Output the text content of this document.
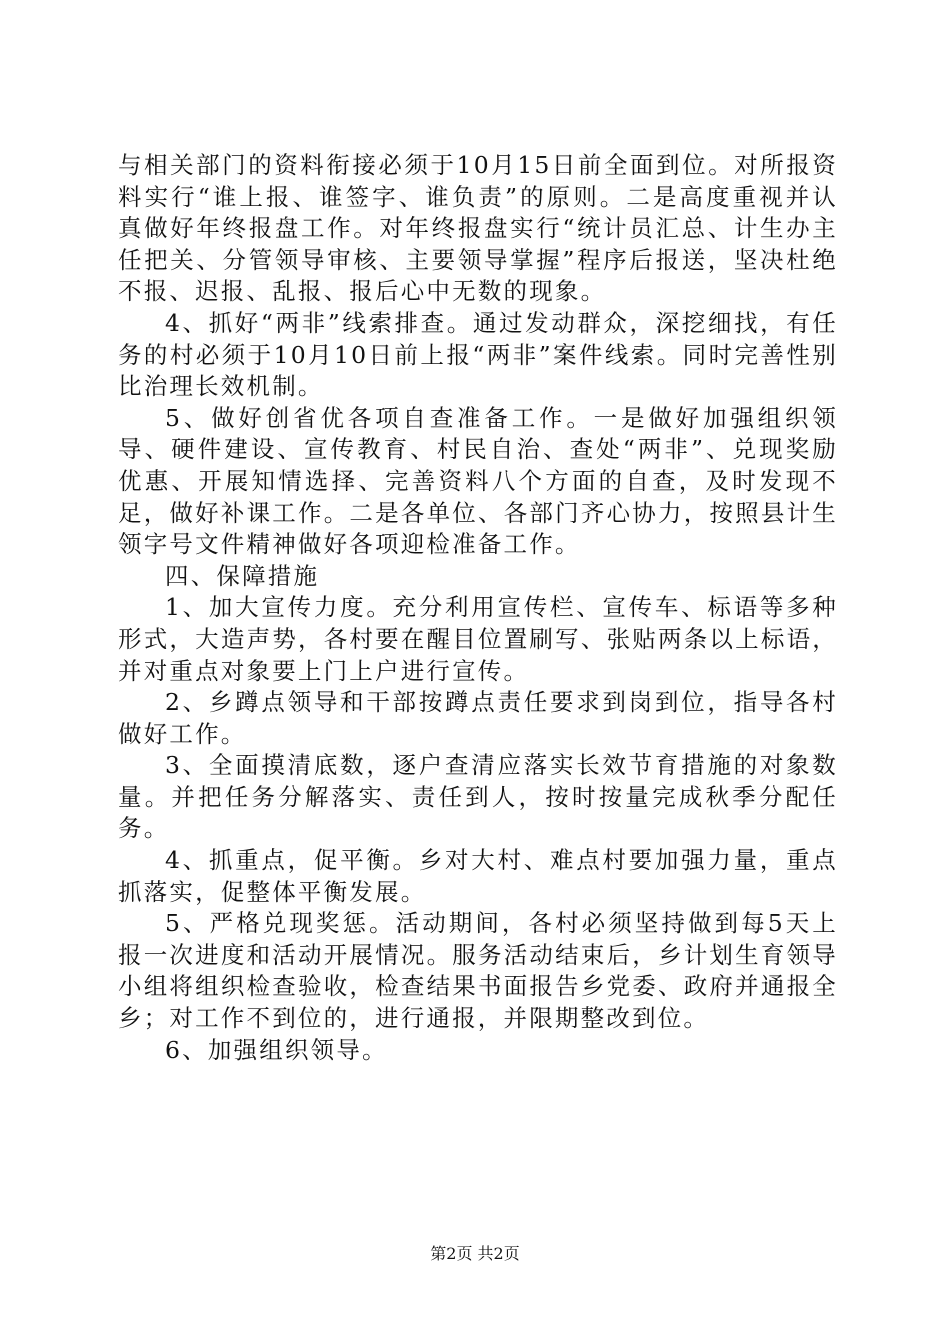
与相关部门的资料衔接必须于10月15日前全面到位。对所报资料实行“谁上报、谁签字、谁负责”的原则。二是高度重视并认真做好年终报盘工作。对年终报盘实行“统计员汇总、计生办主任把关、分管领导审核、主要领导掌握”程序后报送，坚决杜绝不报、迟报、乱报、报后心中无数的现象。

4、抓好“两非”线索排查。通过发动群众，深挖细找，有任务的村必须于10月10日前上报“两非”案件线索。同时完善性别比治理长效机制。

5、做好创省优各项自查准备工作。一是做好加强组织领导、硬件建设、宣传教育、村民自治、查处“两非”、兑现奖励优惠、开展知情选择、完善资料八个方面的自查，及时发现不足，做好补课工作。二是各单位、各部门齐心协力，按照县计生领字号文件精神做好各项迎检准备工作。

四、保障措施

1、加大宣传力度。充分利用宣传栏、宣传车、标语等多种形式，大造声势，各村要在醒目位置刷写、张贴两条以上标语，并对重点对象要上门上户进行宣传。

2、乡蹲点领导和干部按蹲点责任要求到岗到位，指导各村做好工作。

3、全面摸清底数，逐户查清应落实长效节育措施的对象数量。并把任务分解落实、责任到人，按时按量完成秋季分配任务。

4、抓重点，促平衡。乡对大村、难点村要加强力量，重点抓落实，促整体平衡发展。

5、严格兑现奖惩。活动期间，各村必须坚持做到每5天上报一次进度和活动开展情况。服务活动结束后，乡计划生育领导小组将组织检查验收，检查结果书面报告乡党委、政府并通报全乡；对工作不到位的，进行通报，并限期整改到位。

6、加强组织领导。

第2页 共2页
